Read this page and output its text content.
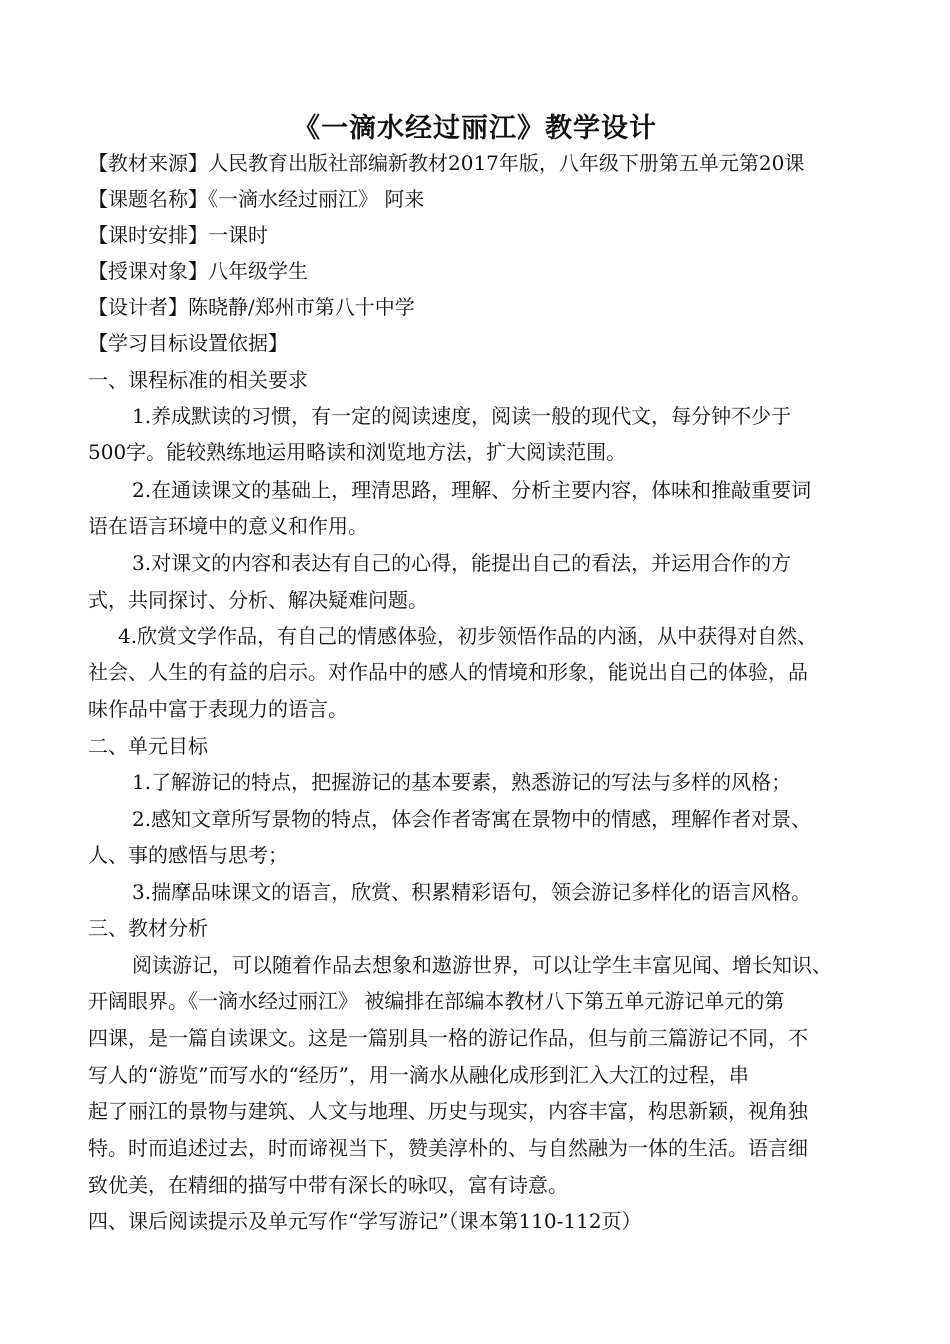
《一滴水经过丽江》教学设计
【教材来源】人民教育出版社部编新教材2017年版，八年级下册第五单元第20课
【课题名称】《一滴水经过丽江》 阿来
【课时安排】一课时
【授课对象】八年级学生
【设计者】陈晓静/郑州市第八十中学
【学习目标设置依据】
一、课程标准的相关要求
1.养成默读的习惯，有一定的阅读速度，阅读一般的现代文，每分钟不少于
500字。能较熟练地运用略读和浏览地方法，扩大阅读范围。
2.在通读课文的基础上，理清思路，理解、分析主要内容，体味和推敲重要词
语在语言环境中的意义和作用。
3.对课文的内容和表达有自己的心得，能提出自己的看法，并运用合作的方
式，共同探讨、分析、解决疑难问题。
4.欣赏文学作品，有自己的情感体验，初步领悟作品的内涵，从中获得对自然、
社会、人生的有益的启示。对作品中的感人的情境和形象，能说出自己的体验，品
味作品中富于表现力的语言。
二、单元目标
1.了解游记的特点，把握游记的基本要素，熟悉游记的写法与多样的风格；
2.感知文章所写景物的特点，体会作者寄寓在景物中的情感，理解作者对景、
人、事的感悟与思考；
3.揣摩品味课文的语言，欣赏、积累精彩语句，领会游记多样化的语言风格。
三、教材分析
阅读游记，可以随着作品去想象和遨游世界，可以让学生丰富见闻、增长知识、
开阔眼界。《一滴水经过丽江》 被编排在部编本教材八下第五单元游记单元的第
四课，是一篇自读课文。这是一篇别具一格的游记作品，但与前三篇游记不同，不
写人的“游览”而写水的“经历”，用一滴水从融化成形到汇入大江的过程，串
起了丽江的景物与建筑、人文与地理、历史与现实，内容丰富，构思新颖，视角独
特。时而追述过去，时而谛视当下，赞美淳朴的、与自然融为一体的生活。语言细
致优美，在精细的描写中带有深长的咏叹，富有诗意。
四、课后阅读提示及单元写作“学写游记”（课本第110-112页）
